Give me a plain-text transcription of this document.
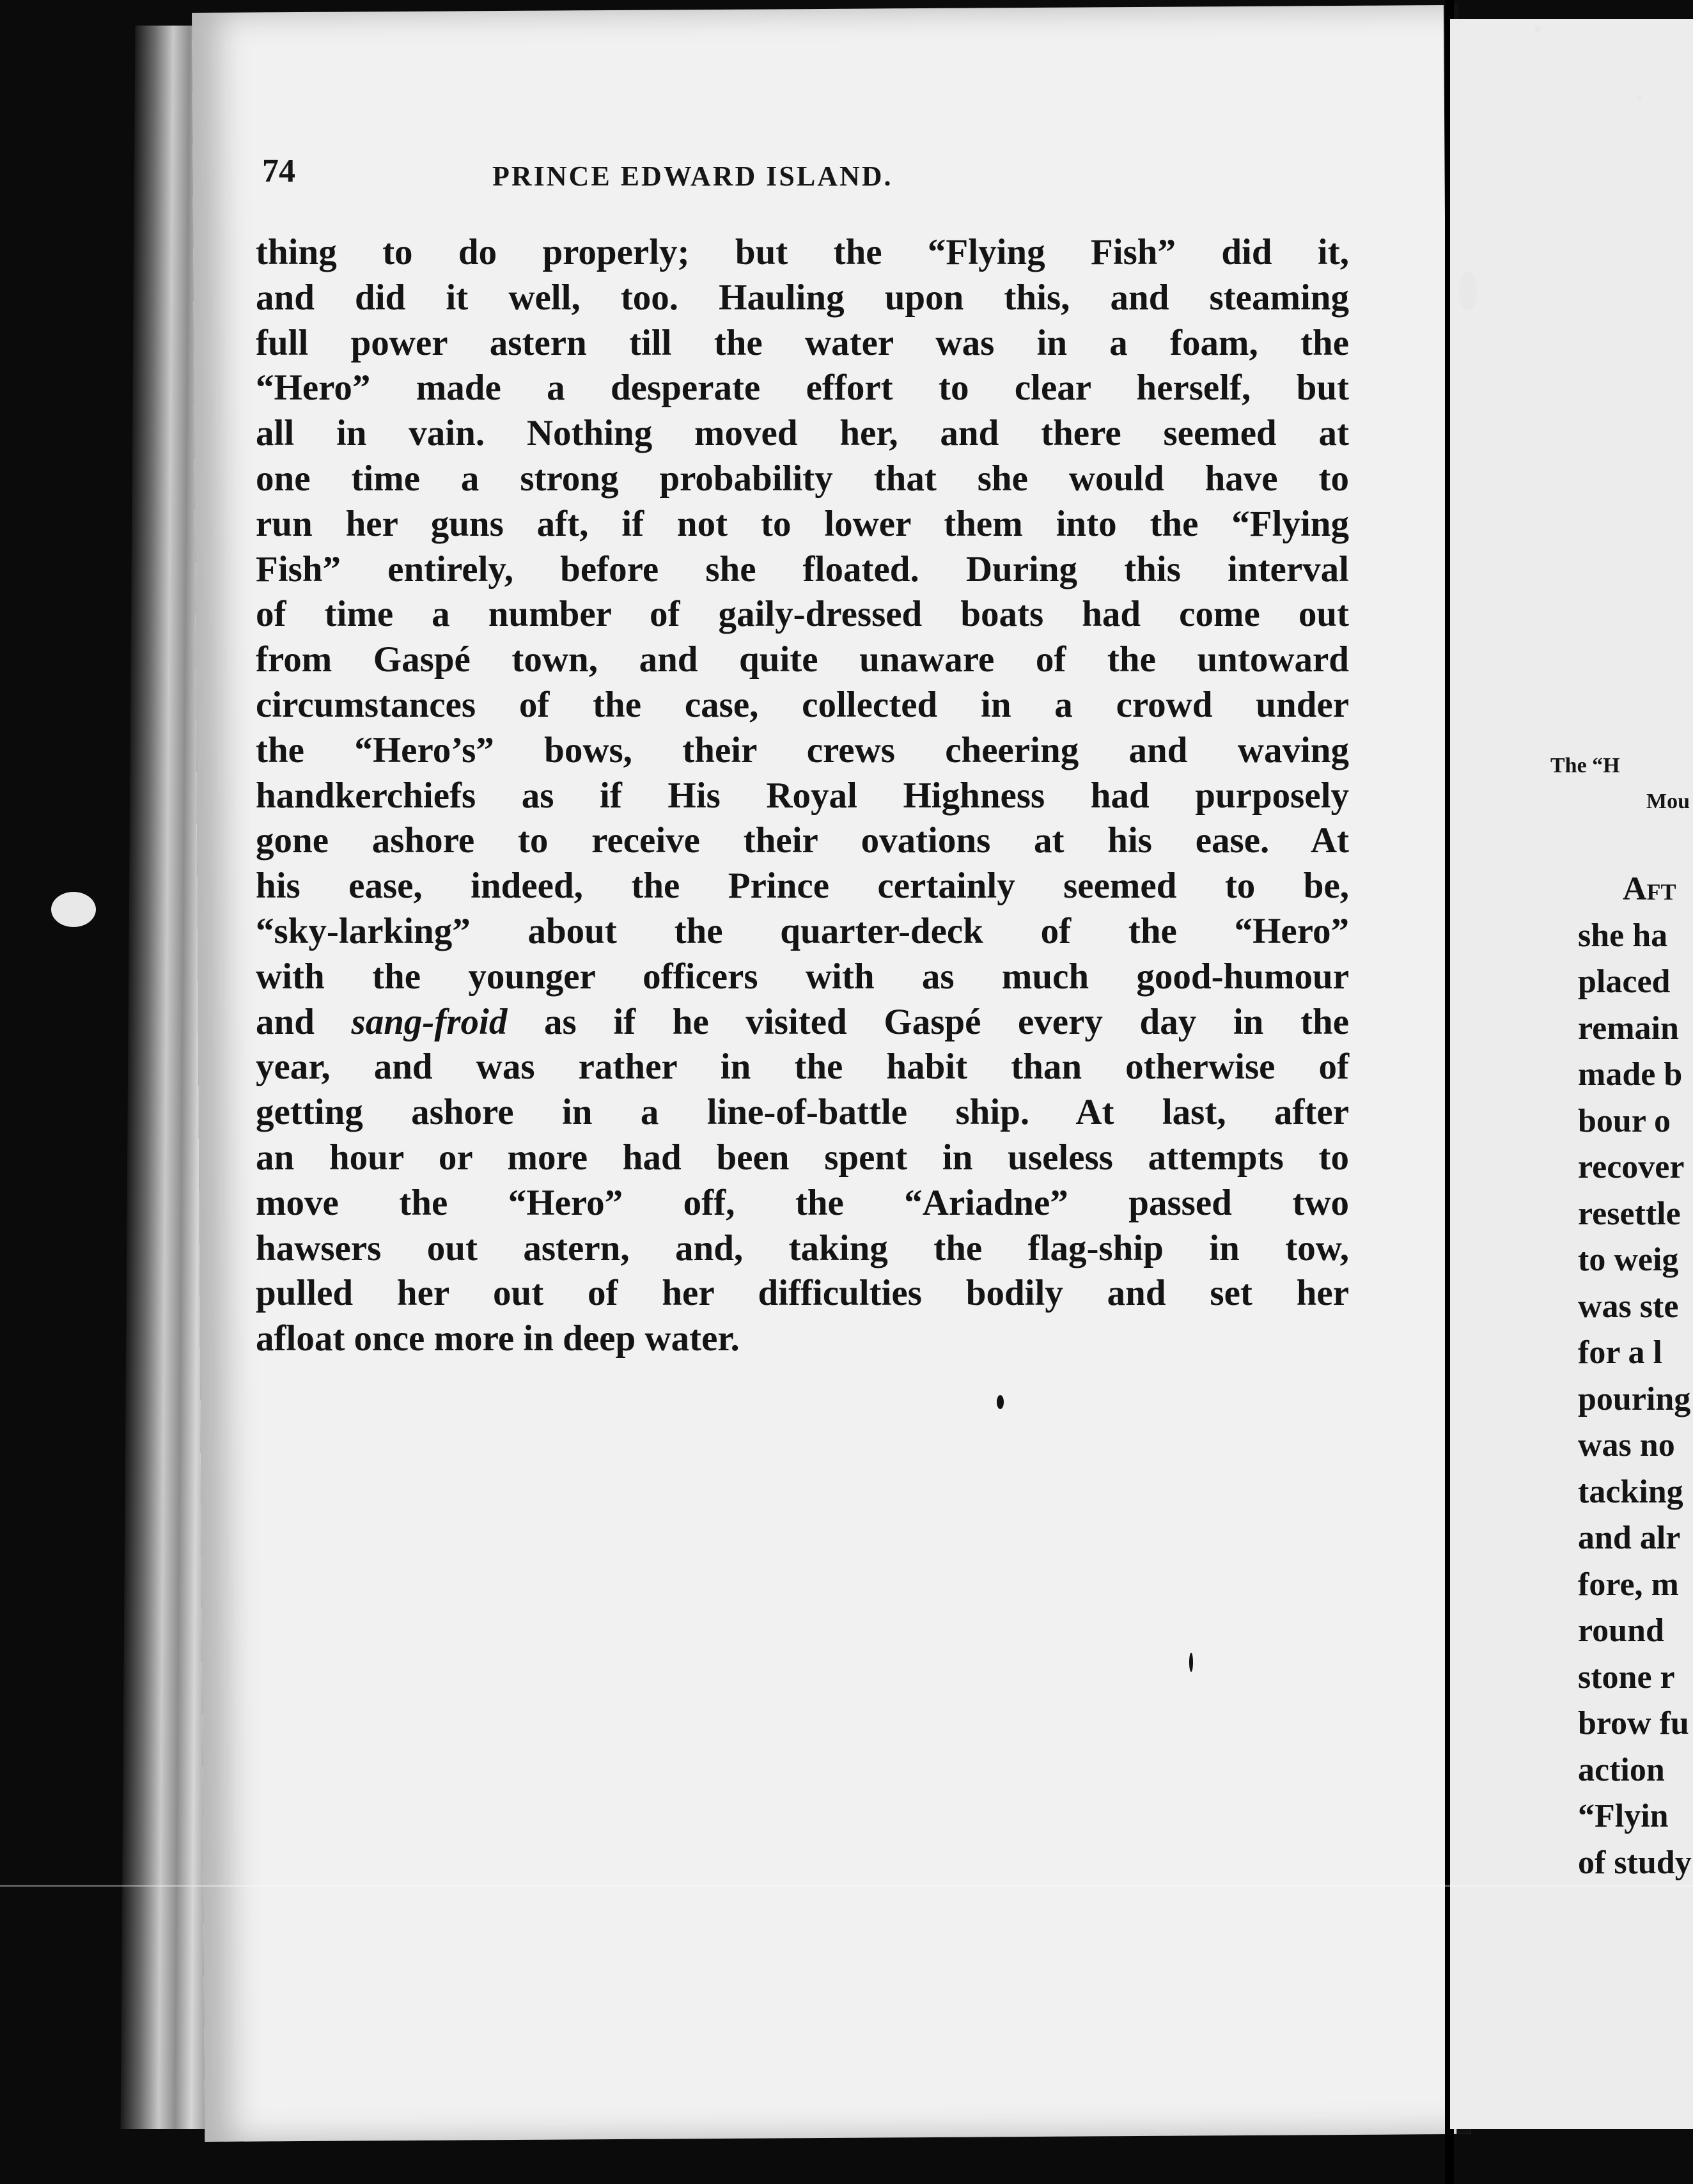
74	PRINCE EDWARD ISLAND.
thing to do properly; but the “Flying Fish” did it,
and did it well, too. Hauling upon this, and steaming
full power astern till the water was in a foam, the
“Hero” made a desperate effort to clear herself, but
all in vain. Nothing moved her, and there seemed at
one time a strong probability that she would have to
run her guns aft, if not to lower them into the “Flying
Fish” entirely, before she floated. During this interval
of time a number of gaily-dressed boats had come out
from Gaspé town, and quite unaware of the untoward
circumstances of the case, collected in a crowd under
the “Hero’s” bows, their crews cheering and waving
handkerchiefs as if His Royal Highness had purposely
gone ashore to receive their ovations at his ease. At
his ease, indeed, the Prince certainly seemed to be,
“sky-larking” about the quarter-deck of the “Hero”
with the younger officers with as much good-humour
and sang-froid as if he visited Gaspé every day in the
year, and was rather in the habit than otherwise of
getting ashore in a line-of-battle ship. At last, after
an hour or more had been spent in useless attempts to
move the “Hero” off, the “Ariadne” passed two
hawsers out astern, and, taking the flag-ship in tow,
pulled her out of her difficulties bodily and set her
afloat once more in deep water.
The “H
Mou
Aft
she ha
placed
remain
made b
bour o
recover
resettle
to weig
was ste
for a l
pouring
was no
tacking
and alr
fore, m
round
stone r
brow fu
action
“Flyin
of study
